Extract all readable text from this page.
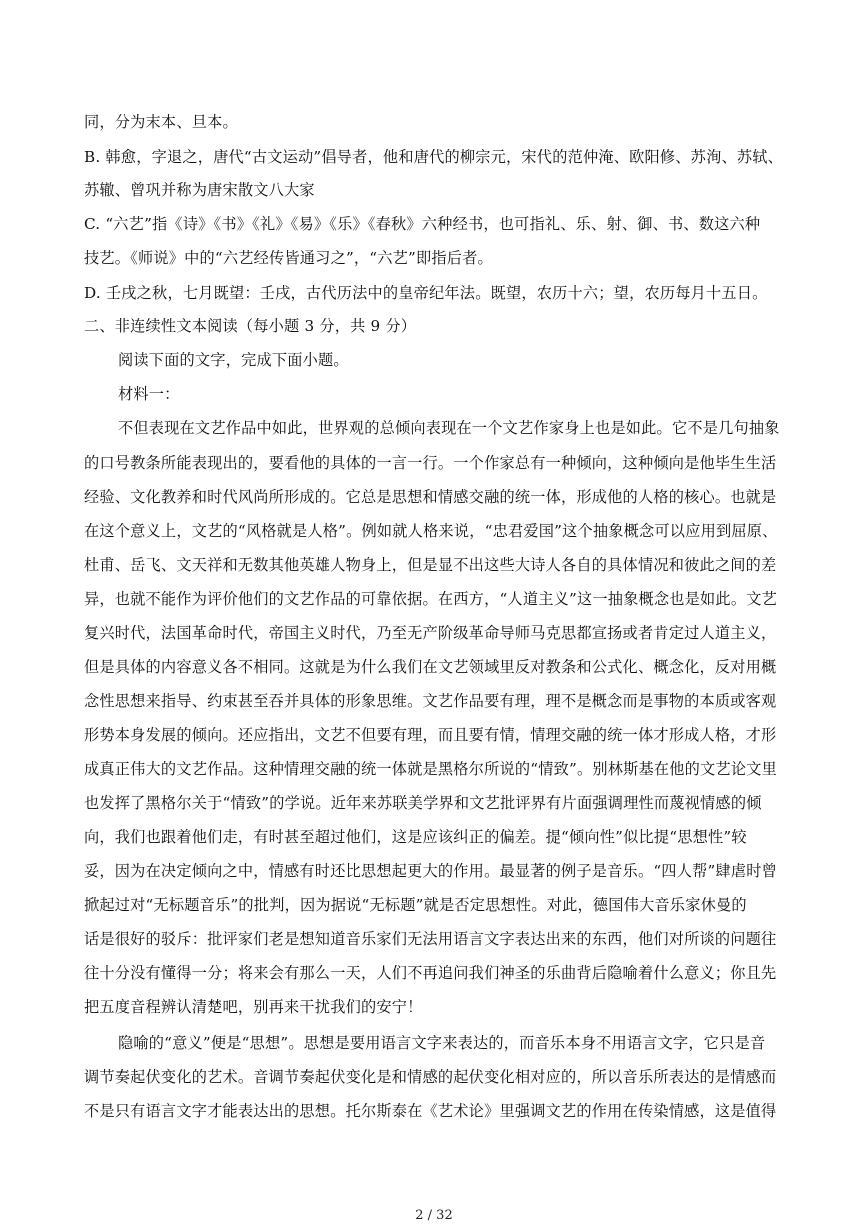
同，分为末本、旦本。
B. 韩愈，字退之，唐代“古文运动”倡导者，他和唐代的柳宗元，宋代的范仲淹、欧阳修、苏洵、苏轼、
苏辙、曾巩并称为唐宋散文八大家
C. “六艺”指《诗》《书》《礼》《易》《乐》《春秋》六种经书，也可指礼、乐、射、御、书、数这六种
技艺。《师说》中的“六艺经传皆通习之”，“六艺”即指后者。
D. 壬戌之秋，七月既望：壬戌，古代历法中的皇帝纪年法。既望，农历十六；望，农历每月十五日。
二、非连续性文本阅读（每小题 3 分，共 9 分）
阅读下面的文字，完成下面小题。
材料一：
不但表现在文艺作品中如此，世界观的总倾向表现在一个文艺作家身上也是如此。它不是几句抽象
的口号教条所能表现出的，要看他的具体的一言一行。一个作家总有一种倾向，这种倾向是他毕生生活
经验、文化教养和时代风尚所形成的。它总是思想和情感交融的统一体，形成他的人格的核心。也就是
在这个意义上，文艺的“风格就是人格”。例如就人格来说，“忠君爱国”这个抽象概念可以应用到屈原、
杜甫、岳飞、文天祥和无数其他英雄人物身上，但是显不出这些大诗人各自的具体情况和彼此之间的差
异，也就不能作为评价他们的文艺作品的可靠依据。在西方，“人道主义”这一抽象概念也是如此。文艺
复兴时代，法国革命时代，帝国主义时代，乃至无产阶级革命导师马克思都宣扬或者肯定过人道主义，
但是具体的内容意义各不相同。这就是为什么我们在文艺领域里反对教条和公式化、概念化，反对用概
念性思想来指导、约束甚至吞并具体的形象思维。文艺作品要有理，理不是概念而是事物的本质或客观
形势本身发展的倾向。还应指出，文艺不但要有理，而且要有情，情理交融的统一体才形成人格，才形
成真正伟大的文艺作品。这种情理交融的统一体就是黑格尔所说的“情致”。别林斯基在他的文艺论文里
也发挥了黑格尔关于“情致”的学说。近年来苏联美学界和文艺批评界有片面强调理性而蔑视情感的倾
向，我们也跟着他们走，有时甚至超过他们，这是应该纠正的偏差。提“倾向性”似比提“思想性”较
妥，因为在决定倾向之中，情感有时还比思想起更大的作用。最显著的例子是音乐。“四人帮”肆虐时曾
掀起过对“无标题音乐”的批判，因为据说“无标题”就是否定思想性。对此，德国伟大音乐家休曼的
话是很好的驳斥：批评家们老是想知道音乐家们无法用语言文字表达出来的东西，他们对所谈的问题往
往十分没有懂得一分；将来会有那么一天，人们不再追问我们神圣的乐曲背后隐喻着什么意义；你且先
把五度音程辨认清楚吧，别再来干扰我们的安宁！
隐喻的“意义”便是“思想”。思想是要用语言文字来表达的，而音乐本身不用语言文字，它只是音
调节奏起伏变化的艺术。音调节奏起伏变化是和情感的起伏变化相对应的，所以音乐所表达的是情感而
不是只有语言文字才能表达出的思想。托尔斯泰在《艺术论》里强调文艺的作用在传染情感，这是值得
2 / 32
